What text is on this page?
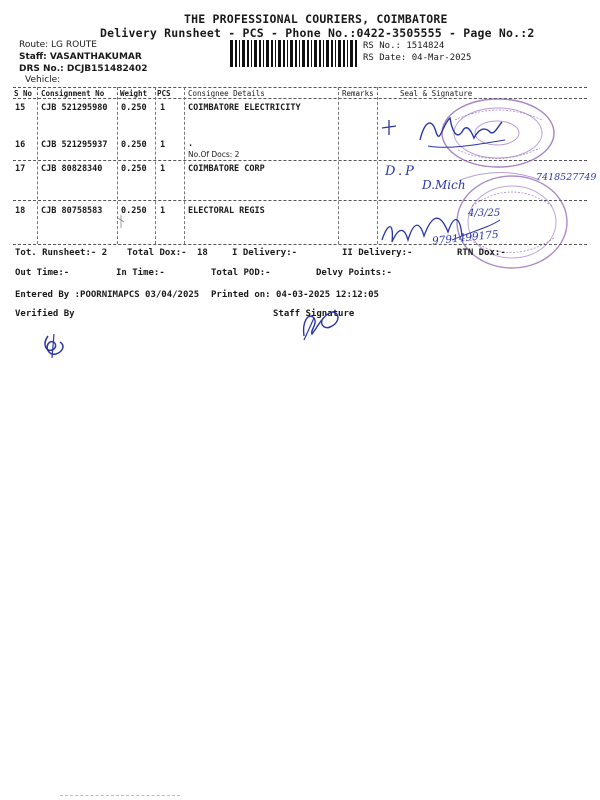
THE PROFESSIONAL COURIERS, COIMBATORE
Delivery Runsheet - PCS - Phone No.:0422-3505555 - Page No.:2
Route: LG ROUTE
Staff: VASANTHAKUMAR
DRS No.: DCJB151482402
Vehicle:
RS No.: 1514824
RS Date: 04-Mar-2025
S No Consignment No Weight PCS Consignee Details	Remarks	Seal & Signature
15 CJB 521295980 0.250 1	COIMBATORE ELECTRICITY
16 CJB 521295937 0.250 1	.
No.Of Docs: 2
17 CJB 80828340 0.250 1	COIMBATORE CORP
18 CJB 80758583 0.250 1	ELECTORAL REGIS
D.P
D.Mich
7418527749
4/3/25
9791499175
Tot. Runsheet:- 2 Total Dox:- 18	I Delivery:-	II Delivery:-	RTN Dox:-
Out Time:-	In Time:-	Total POD:-	Delvy Points:-
Entered By :POORNIMAPCS 03/04/2025 Printed on: 04-03-2025 12:12:05
Verified By	Staff Signature
